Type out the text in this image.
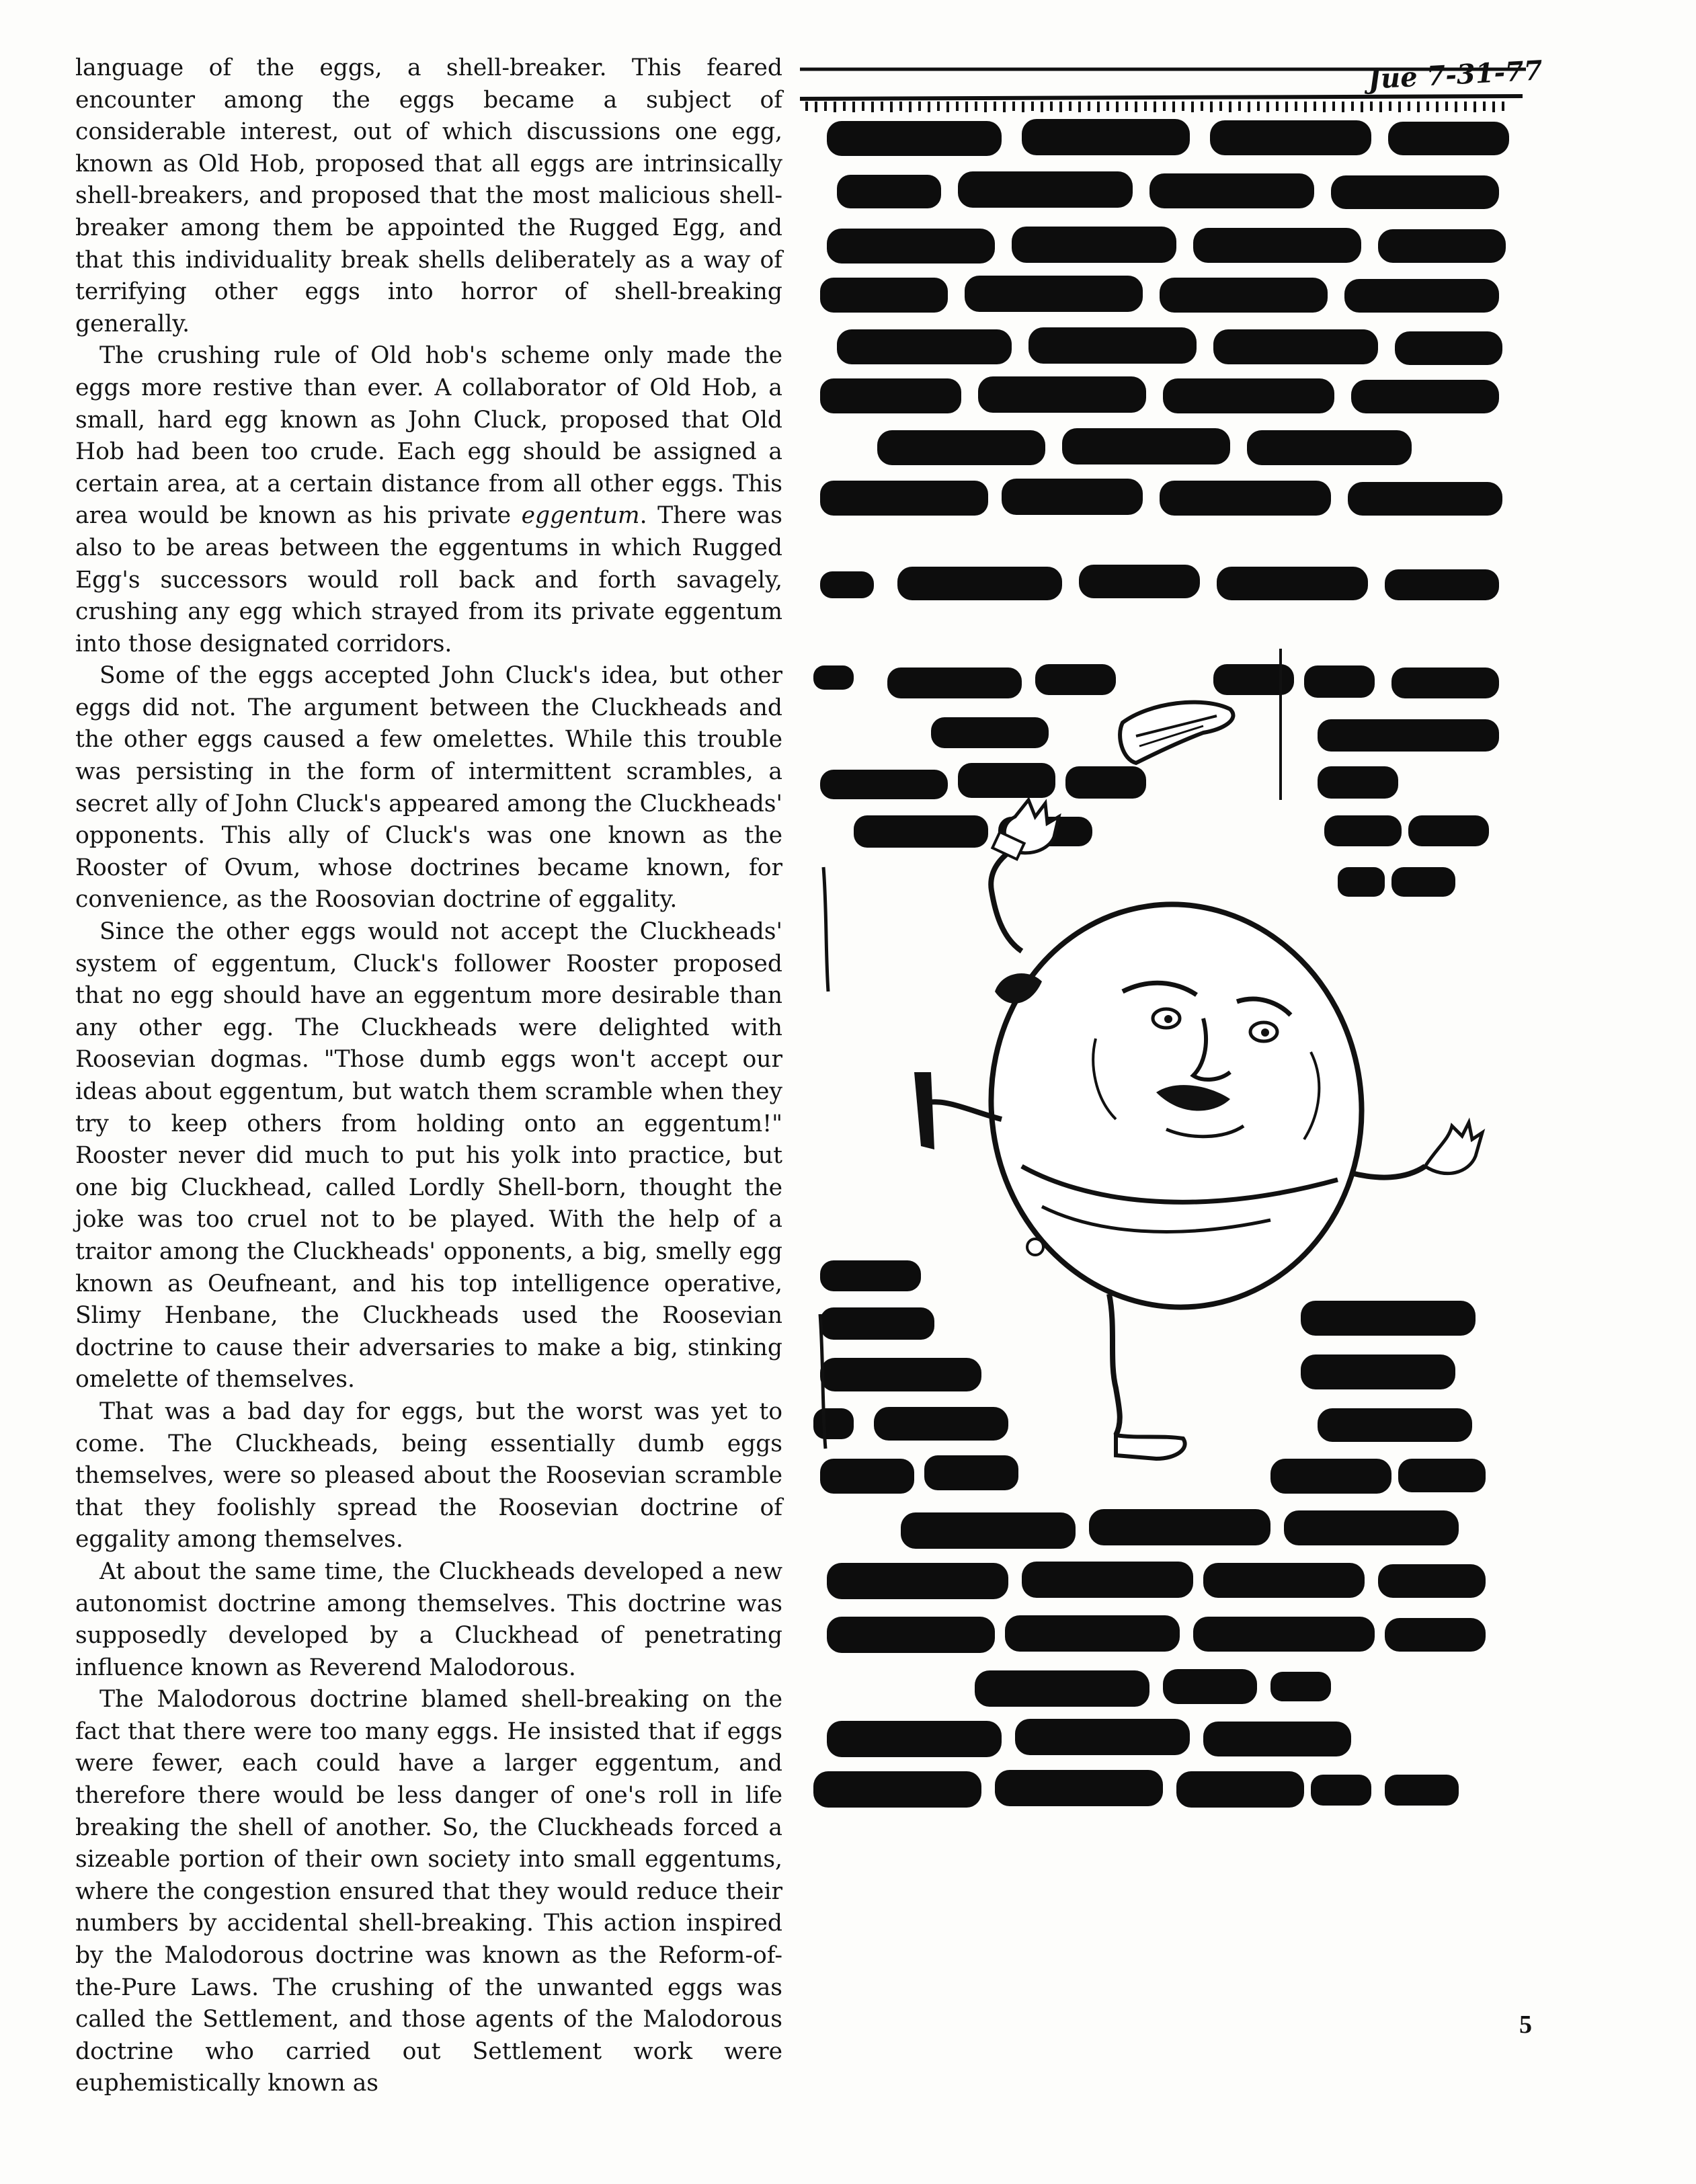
language of the eggs, a shell-breaker. This feared encounter among the eggs became a subject of considerable interest, out of which discussions one egg, known as Old Hob, proposed that all eggs are intrinsically shell-breakers, and proposed that the most malicious shell-breaker among them be appointed the Rugged Egg, and that this individuality break shells deliberately as a way of terrifying other eggs into horror of shell-breaking generally.

The crushing rule of Old hob's scheme only made the eggs more restive than ever. A collaborator of Old Hob, a small, hard egg known as John Cluck, proposed that Old Hob had been too crude. Each egg should be assigned a certain area, at a certain distance from all other eggs. This area would be known as his private eggentum. There was also to be areas between the eggentums in which Rugged Egg's successors would roll back and forth savagely, crushing any egg which strayed from its private eggentum into those designated corridors.

Some of the eggs accepted John Cluck's idea, but other eggs did not. The argument between the Cluckheads and the other eggs caused a few omelettes. While this trouble was persisting in the form of intermittent scrambles, a secret ally of John Cluck's appeared among the Cluckheads' opponents. This ally of Cluck's was one known as the Rooster of Ovum, whose doctrines became known, for convenience, as the Roosovian doctrine of eggality.

Since the other eggs would not accept the Cluckheads' system of eggentum, Cluck's follower Rooster proposed that no egg should have an eggentum more desirable than any other egg. The Cluckheads were delighted with Roosevian dogmas. "Those dumb eggs won't accept our ideas about eggentum, but watch them scramble when they try to keep others from holding onto an eggentum!" Rooster never did much to put his yolk into practice, but one big Cluckhead, called Lordly Shell-born, thought the joke was too cruel not to be played. With the help of a traitor among the Cluckheads' opponents, a big, smelly egg known as Oeufneant, and his top intelligence operative, Slimy Henbane, the Cluckheads used the Roosevian doctrine to cause their adversaries to make a big, stinking omelette of themselves.

That was a bad day for eggs, but the worst was yet to come. The Cluckheads, being essentially dumb eggs themselves, were so pleased about the Roosevian scramble that they foolishly spread the Roosevian doctrine of eggality among themselves.

At about the same time, the Cluckheads developed a new autonomist doctrine among themselves. This doctrine was supposedly developed by a Cluckhead of penetrating influence known as Reverend Malodorous.

The Malodorous doctrine blamed shell-breaking on the fact that there were too many eggs. He insisted that if eggs were fewer, each could have a larger eggentum, and therefore there would be less danger of one's roll in life breaking the shell of another. So, the Cluckheads forced a sizeable portion of their own society into small eggentums, where the congestion ensured that they would reduce their numbers by accidental shell-breaking. This action inspired by the Malodorous doctrine was known as the Reform-of-the-Pure Laws. The crushing of the unwanted eggs was called the Settlement, and those agents of the Malodorous doctrine who carried out Settlement work were euphemistically known as

Jue 7-31-77
5
